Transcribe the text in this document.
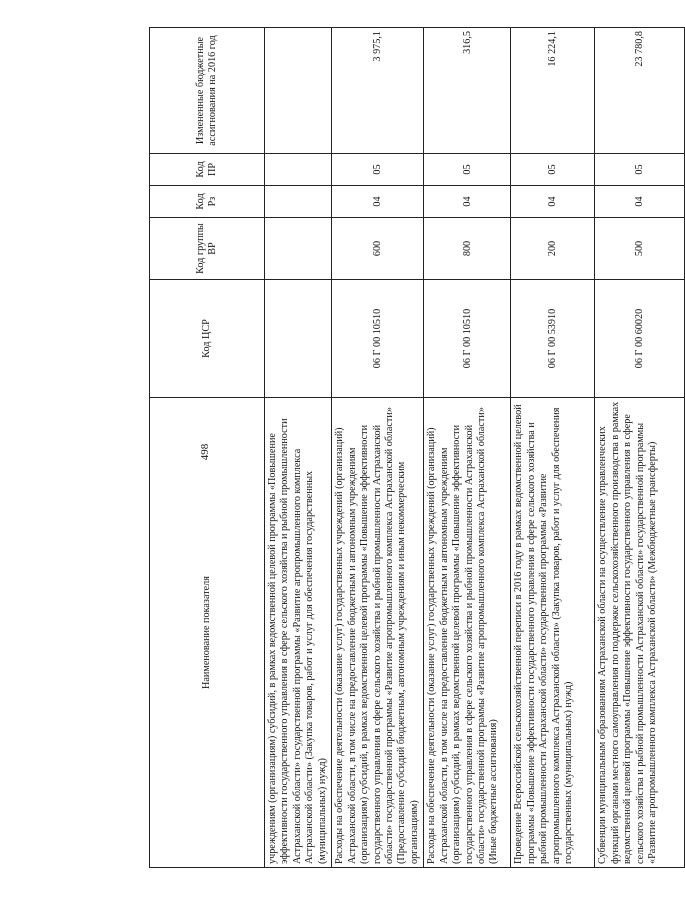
498
Наименование показателя	Код ЦСР	Код группы ВР	Код Рз	Код ПР	Измененные бюджетные ассигнования на 2016 год
учреждениям (организациям) субсидий, в рамках ведомственной целевой программы «Повышение эффективности государственного управления в сфере сельского хозяйства и рыбной промышленности Астраханской области» государственной программы «Развитие агропромышленного комплекса Астраханской области» (Закупка товаров, работ и услуг для обеспечения государственных (муниципальных) нужд)					
Расходы на обеспечение деятельности (оказание услуг) государственных учреждений (организаций) Астраханской области, в том числе на предоставление бюджетным и автономным учреждениям (организациям) субсидий, в рамках ведомственной целевой программы «Повышение эффективности государственного управления в сфере сельского хозяйства и рыбной промышленности Астраханской области» государственной программы «Развитие агропромышленного комплекса Астраханской области» (Предоставление субсидий бюджетным, автономным учреждениям и иным некоммерческим организациям)	06 Г 00 10510	600	04	05	3 975,1
Расходы на обеспечение деятельности (оказание услуг) государственных учреждений (организаций) Астраханской области, в том числе на предоставление бюджетным и автономным учреждениям (организациям) субсидий, в рамках ведомственной целевой программы «Повышение эффективности государственного управления в сфере сельского хозяйства и рыбной промышленности Астраханской области» государственной программы «Развитие агропромышленного комплекса Астраханской области» (Иные бюджетные ассигнования)	06 Г 00 10510	800	04	05	316,5
Проведение Всероссийской сельскохозяйственной переписи в 2016 году в рамках ведомственной целевой программы «Повышение эффективности государственного управления в сфере сельского хозяйства и рыбной промышленности Астраханской области» государственной программы «Развитие агропромышленного комплекса Астраханской области» (Закупка товаров, работ и услуг для обеспечения государственных (муниципальных) нужд)	06 Г 00 53910	200	04	05	16 224,1
Субвенции муниципальным образованиям Астраханской области на осуществление управленческих функций органами местного самоуправления по поддержке сельскохозяйственного производства в рамках ведомственной целевой программы «Повышение эффективности государственного управления в сфере сельского хозяйства и рыбной промышленности Астраханской области» государственной программы «Развитие агропромышленного комплекса Астраханской области» (Межбюджетные трансферты)	06 Г 00 60020	500	04	05	23 780,8
